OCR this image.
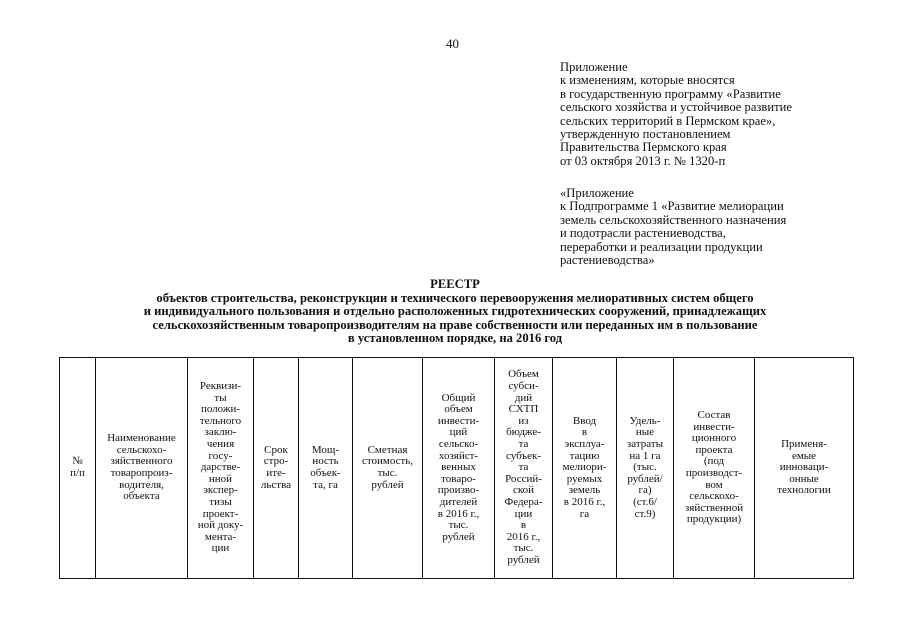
40
Приложение
к изменениям, которые вносятся
в государственную программу «Развитие
сельского хозяйства и устойчивое развитие
сельских территорий в Пермском крае»,
утвержденную постановлением
Правительства Пермского края
от 03 октября 2013 г. № 1320-п
«Приложение
к Подпрограмме 1 «Развитие мелиорации
земель сельскохозяйственного назначения
и подотрасли растениеводства,
переработки и реализации продукции
растениеводства»
РЕЕСТР
объектов строительства, реконструкции и технического перевооружения мелиоративных систем общего
и индивидуального пользования и отдельно расположенных гидротехнических сооружений, принадлежащих
сельскохозяйственным товаропроизводителям на праве собственности или переданных им в пользование
в установленном порядке, на 2016 год
№
п/п

Наименование
сельскохо-
зяйственного
товаропроиз-
водителя,
объекта

Реквизи-
ты
положи-
тельного
заклю-
чения
госу-
дарстве-
нной
экспер-
тизы
проект-
ной доку-
мента-
ции

Срок
стро-
ите-
льства

Мощ-
ность
объек-
та, га

Сметная
стоимость,
тыс.
рублей

Общий
объем
инвести-
ций
сельско-
хозяйст-
венных
товаро-
произво-
дителей
в 2016 г.,
тыс.
рублей

Объем
субси-
дий
СХТП
из
бюдже-
та
субъек-
та
Россий-
ской
Федера-
ции
в
2016 г.,
тыс.
рублей

Ввод
в
эксплуа-
тацию
мелиори-
руемых
земель
в 2016 г.,
га

Удель-
ные
затраты
на 1 га
(тыс.
рублей/
га)
(ст.6/
ст.9)

Состав
инвести-
ционного
проекта
(под
производст-
вом
сельскохо-
зяйственной
продукции)

Применя-
емые
инноваци-
онные
технологии
